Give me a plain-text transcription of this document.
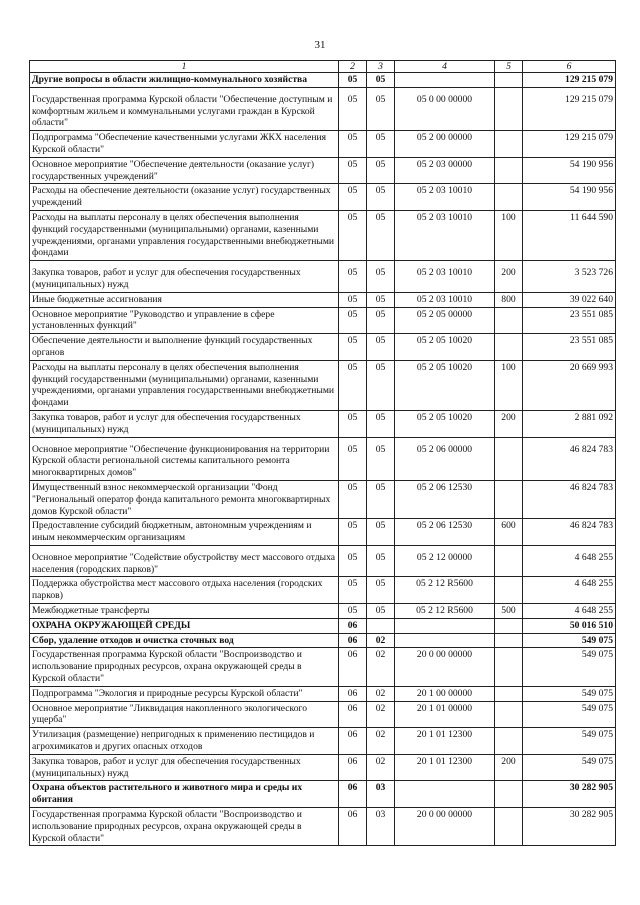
31
1	2	3	4	5	6
Другие вопросы в области жилищно-коммунального хозяйства	05	05			129 215 079
Государственная программа Курской области "Обеспечение доступным и комфортным жильем и коммунальными услугами граждан в Курской области"	05	05	05 0 00 00000		129 215 079
Подпрограмма "Обеспечение качественными услугами ЖКХ населения Курской области"	05	05	05 2 00 00000		129 215 079
Основное мероприятие "Обеспечение деятельности (оказание услуг) государственных учреждений"	05	05	05 2 03 00000		54 190 956
Расходы на обеспечение деятельности (оказание услуг) государственных учреждений	05	05	05 2 03 10010		54 190 956
Расходы на выплаты персоналу в целях обеспечения выполнения функций государственными (муниципальными) органами, казенными учреждениями, органами управления государственными внебюджетными фондами	05	05	05 2 03 10010	100	11 644 590
Закупка товаров, работ и услуг для обеспечения государственных (муниципальных) нужд	05	05	05 2 03 10010	200	3 523 726
Иные бюджетные ассигнования	05	05	05 2 03 10010	800	39 022 640
Основное мероприятие "Руководство и управление в сфере установленных функций"	05	05	05 2 05 00000		23 551 085
Обеспечение деятельности и выполнение функций государственных органов	05	05	05 2 05 10020		23 551 085
Расходы на выплаты персоналу в целях обеспечения выполнения функций государственными (муниципальными) органами, казенными учреждениями, органами управления государственными внебюджетными фондами	05	05	05 2 05 10020	100	20 669 993
Закупка товаров, работ и услуг для обеспечения государственных (муниципальных) нужд	05	05	05 2 05 10020	200	2 881 092
Основное мероприятие "Обеспечение функционирования на территории Курской области региональной системы капитального ремонта многоквартирных домов"	05	05	05 2 06 00000		46 824 783
Имущественный взнос некоммерческой организации "Фонд "Региональный оператор фонда капитального ремонта многоквартирных домов Курской области"	05	05	05 2 06 12530		46 824 783
Предоставление субсидий бюджетным, автономным учреждениям и иным некоммерческим организациям	05	05	05 2 06 12530	600	46 824 783
Основное мероприятие "Содействие обустройству мест массового отдыха населения (городских парков)"	05	05	05 2 12 00000		4 648 255
Поддержка обустройства мест массового отдыха населения (городских парков)	05	05	05 2 12 R5600		4 648 255
Межбюджетные трансферты	05	05	05 2 12 R5600	500	4 648 255
ОХРАНА ОКРУЖАЮЩЕЙ СРЕДЫ	06				50 016 510
Сбор, удаление отходов и очистка сточных вод	06	02			549 075
Государственная программа Курской области "Воспроизводство и использование природных ресурсов, охрана окружающей среды в Курской области"	06	02	20 0 00 00000		549 075
Подпрограмма "Экология и природные ресурсы Курской области"	06	02	20 1 00 00000		549 075
Основное мероприятие "Ликвидация накопленного экологического ущерба"	06	02	20 1 01 00000		549 075
Утилизация (размещение) непригодных к применению пестицидов и агрохимикатов и других опасных отходов	06	02	20 1 01 12300		549 075
Закупка товаров, работ и услуг для обеспечения государственных (муниципальных) нужд	06	02	20 1 01 12300	200	549 075
Охрана объектов растительного и животного мира и среды их обитания	06	03			30 282 905
Государственная программа Курской области "Воспроизводство и использование природных ресурсов, охрана окружающей среды в Курской области"	06	03	20 0 00 00000		30 282 905
